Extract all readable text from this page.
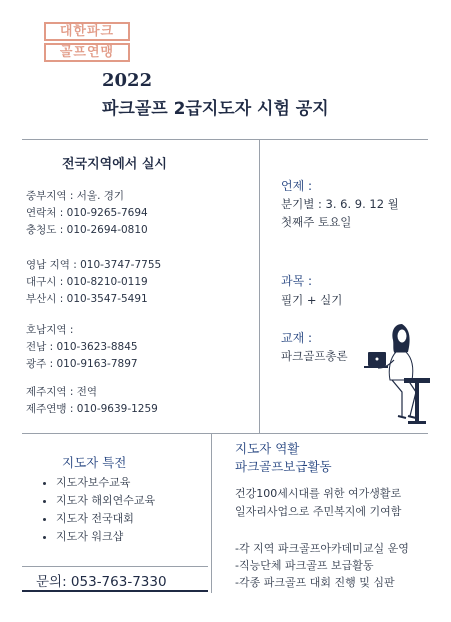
대한파크
골프연맹
2022
파크골프 2급지도자 시험 공지
전국지역에서 실시
중부지역 : 서울. 경기
연락처 : 010-9265-7694
충청도 : 010-2694-0810
영남 지역 : 010-3747-7755
대구시 : 010-8210-0119
부산시 : 010-3547-5491
호남지역 :
전남 : 010-3623-8845
광주 : 010-9163-7897
제주지역 : 전역
제주연맹 : 010-9639-1259
언제 :
분기별 : 3. 6. 9. 12 월
첫째주 토요일
과목 :
필기 + 실기
교재 :
파크골프총론
지도자 특전
• 지도자보수교육
• 지도자 해외연수교육
• 지도자 전국대회
• 지도자 워크샵
지도자 역활
파크골프보급활동
건강100세시대를 위한 여가생활로
일자리사업으로 주민복지에 기여함
-각 지역 파크골프아카데미교실 운영
-직능단체 파크골프 보급활동
-각종 파크골프 대회 진행 및 심판
문의: 053-763-7330
